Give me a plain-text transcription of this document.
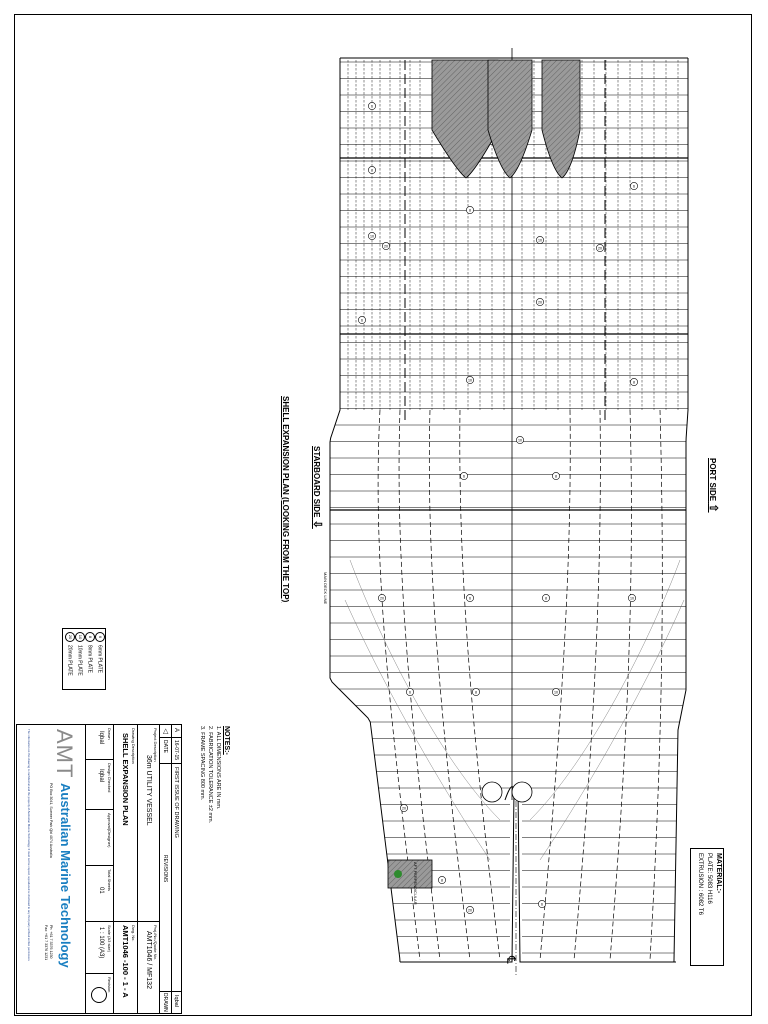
6
8
10
20
6
8
10
20
6
8
10
20
6	8
10
20	6	8	10
20
6	8	10
20
6
8	MATERIAL:-
PLATE: 5083 H116
EXTRUSION : 6082 T6
PORT SIDE ⇧
STARBOARD SIDE ⇩
SHELL EXPANSION PLAN (LOOKING FROM THE TOP)	MAIN DECK LINE
AFT PERPENDICULAR
℄
66mm PLATE
88mm PLATE
1010mm PLATE
2020mm PLATE
NOTES:-
1. ALL DIMENSIONS ARE IN mm.
2. FABRICATION TOLERANCE ±2 mm.
3. FRAME SPACING 800 mm.
A
16-07-15
FIRST ISSUE OF DRAWING
Iqbal
△
DATE
REVISIONS
DRAWN
Project Description
36m UTILITY VESSEL
Proj./No./Quote No.
AMT1046 / MF132
Drawing Description
SHELL EXPANSION PLAN
Dwg. No.
AMT1046 -100 - 1 - A
Drawn
Iqbal
Design Checked
Iqbal
Approval(Designer)
Total Sheets
01
Scale (A3 size)
1 : 100 (A3)
Revision
AMT
Australian Marine Technology
PO Box 3041, Sumner Park Qld 4074 Australia
Ph: +61 7 3376 1230
Fax: +61 7 3376 1231
The information on this drawing is confidential and the property of Australian Marine Technology. It must not be copied, reproduced or disclosed to any third party without written permission.
